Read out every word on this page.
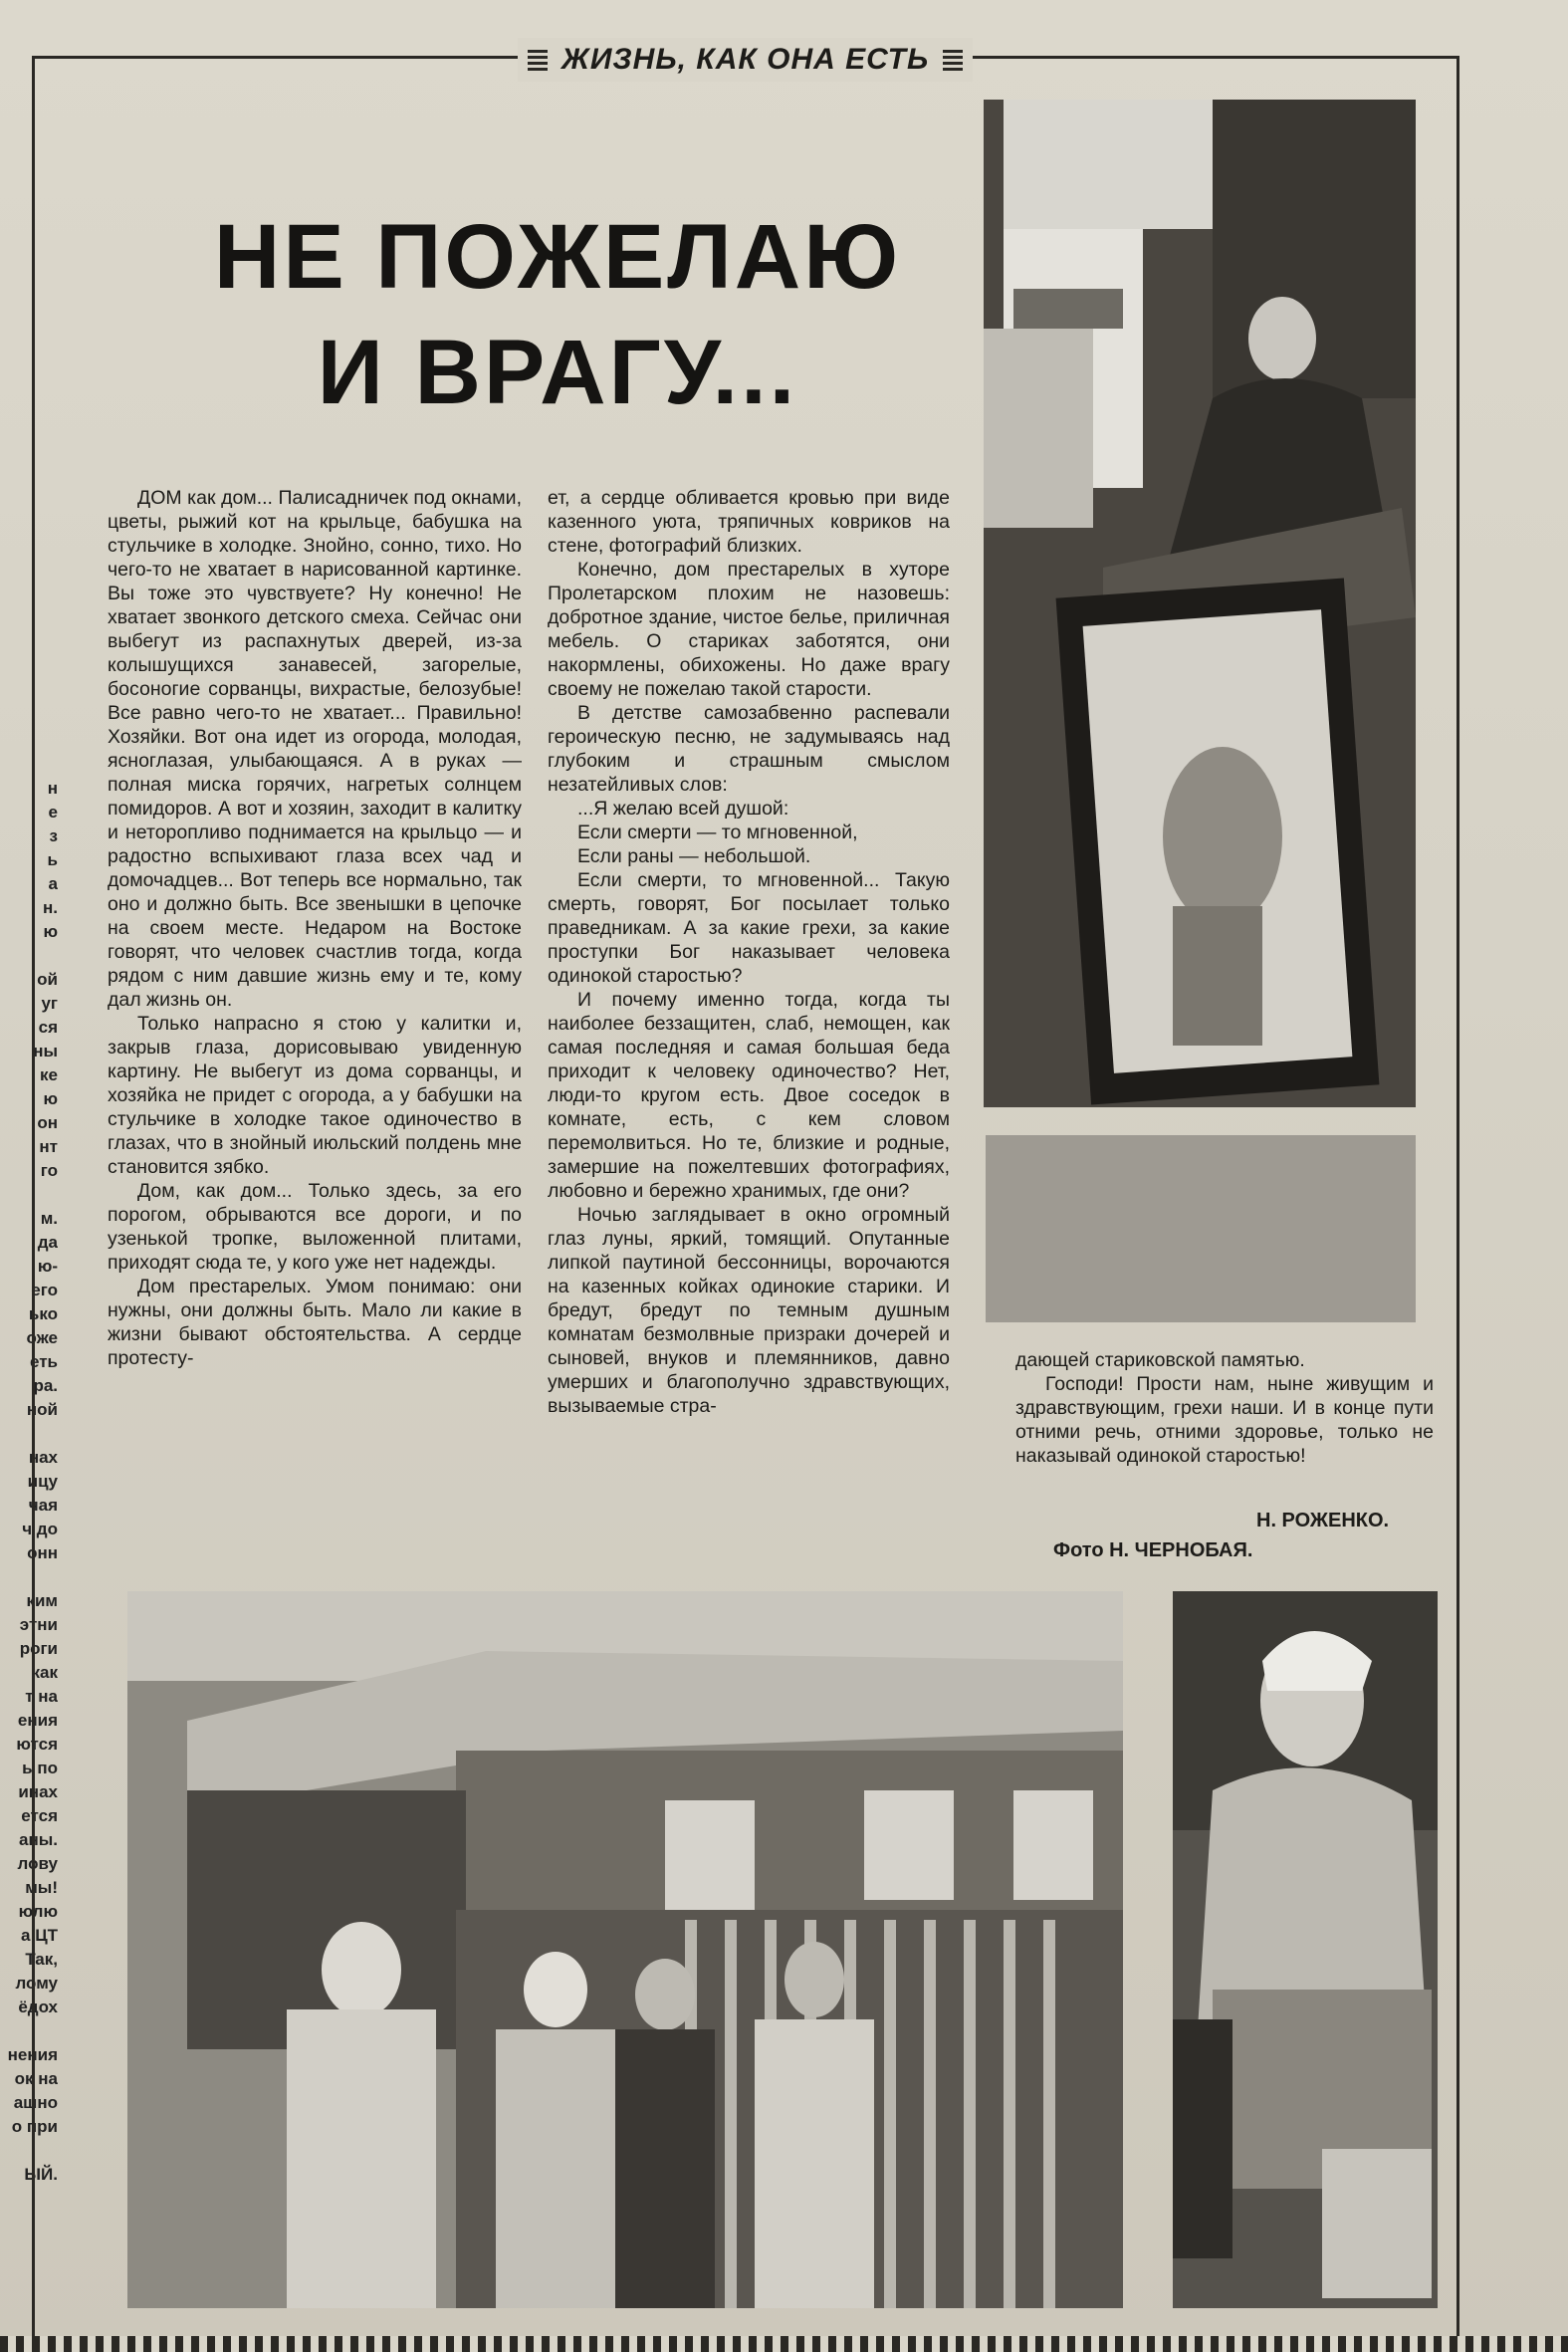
н
е
з
ь
а
н.
ю

ой
уг
ся
ны
ке
ю
он
нт
го

м.
да
ю-
его
ько
оже
еть
ра.
ной

нах
ицу
чая
ч до
онн

ким
этни
роги
как
т на
ения
ются
ь по
инах
ется
аны.
лову
мы!
юлю
а ЦТ
Так,
лому
ёдох

нения
ок на
ашно
о при

ЫЙ.
ЖИЗНЬ, КАК ОНА ЕСТЬ
НЕ ПОЖЕЛАЮ
И ВРАГУ...

ДОМ как дом... Палисадничек под окнами, цветы, рыжий кот на крыльце, бабушка на стульчике в холодке. Знойно, сонно, тихо. Но чего-то не хватает в нарисованной картинке. Вы тоже это чувствуете? Ну конечно! Не хватает звонкого детского смеха. Сейчас они выбегут из распахнутых дверей, из-за колышущихся занавесей, загорелые, босоногие сорванцы, вихрастые, белозубые! Все равно чего-то не хватает... Правильно! Хозяйки. Вот она идет из огорода, молодая, ясноглазая, улыбающаяся. А в руках — полная миска горячих, нагретых солнцем помидоров. А вот и хозяин, заходит в калитку и неторопливо поднимается на крыльцо — и радостно вспыхивают глаза всех чад и домочадцев... Вот теперь все нормально, так оно и должно быть. Все звенышки в цепочке на своем месте. Недаром на Востоке говорят, что человек счастлив тогда, когда рядом с ним давшие жизнь ему и те, кому дал жизнь он.

Только напрасно я стою у калитки и, закрыв глаза, дорисовываю увиденную картину. Не выбегут из дома сорванцы, и хозяйка не придет с огорода, а у бабушки на стульчике в холодке такое одиночество в глазах, что в знойный июльский полдень мне становится зябко.

Дом, как дом... Только здесь, за его порогом, обрываются все дороги, и по узенькой тропке, выложенной плитами, приходят сюда те, у кого уже нет надежды.

Дом престарелых. Умом понимаю: они нужны, они должны быть. Мало ли какие в жизни бывают обстоятельства. А сердце протесту-

ет, а сердце обливается кровью при виде казенного уюта, тряпичных ковриков на стене, фотографий близких.

Конечно, дом престарелых в хуторе Пролетарском плохим не назовешь: добротное здание, чистое белье, приличная мебель. О стариках заботятся, они накормлены, обихожены. Но даже врагу своему не пожелаю такой старости.

В детстве самозабвенно распевали героическую песню, не задумываясь над глубоким и страшным смыслом незатейливых слов:

...Я желаю всей душой:

Если смерти — то мгновенной,

Если раны — небольшой.

Если смерти, то мгновенной... Такую смерть, говорят, Бог посылает только праведникам. А за какие грехи, за какие проступки Бог наказывает человека одинокой старостью?

И почему именно тогда, когда ты наиболее беззащитен, слаб, немощен, как самая последняя и самая большая беда приходит к человеку одиночество? Нет, люди-то кругом есть. Двое соседок в комнате, есть, с кем словом перемолвиться. Но те, близкие и родные, замершие на пожелтевших фотографиях, любовно и бережно хранимых, где они?

Ночью заглядывает в окно огромный глаз луны, яркий, томящий. Опутанные липкой паутиной бессонницы, ворочаются на казенных койках одинокие старики. И бредут, бредут по темным душным комнатам безмолвные призраки дочерей и сыновей, внуков и племянников, давно умерших и благополучно здравствующих, вызываемые стра-

дающей стариковской памятью.

Господи! Прости нам, ныне живущим и здравствующим, грехи наши. И в конце пути отними речь, отними здоровье, только не наказывай одинокой старостью!

Н. РОЖЕНКО.
Фото Н. ЧЕРНОБАЯ.
